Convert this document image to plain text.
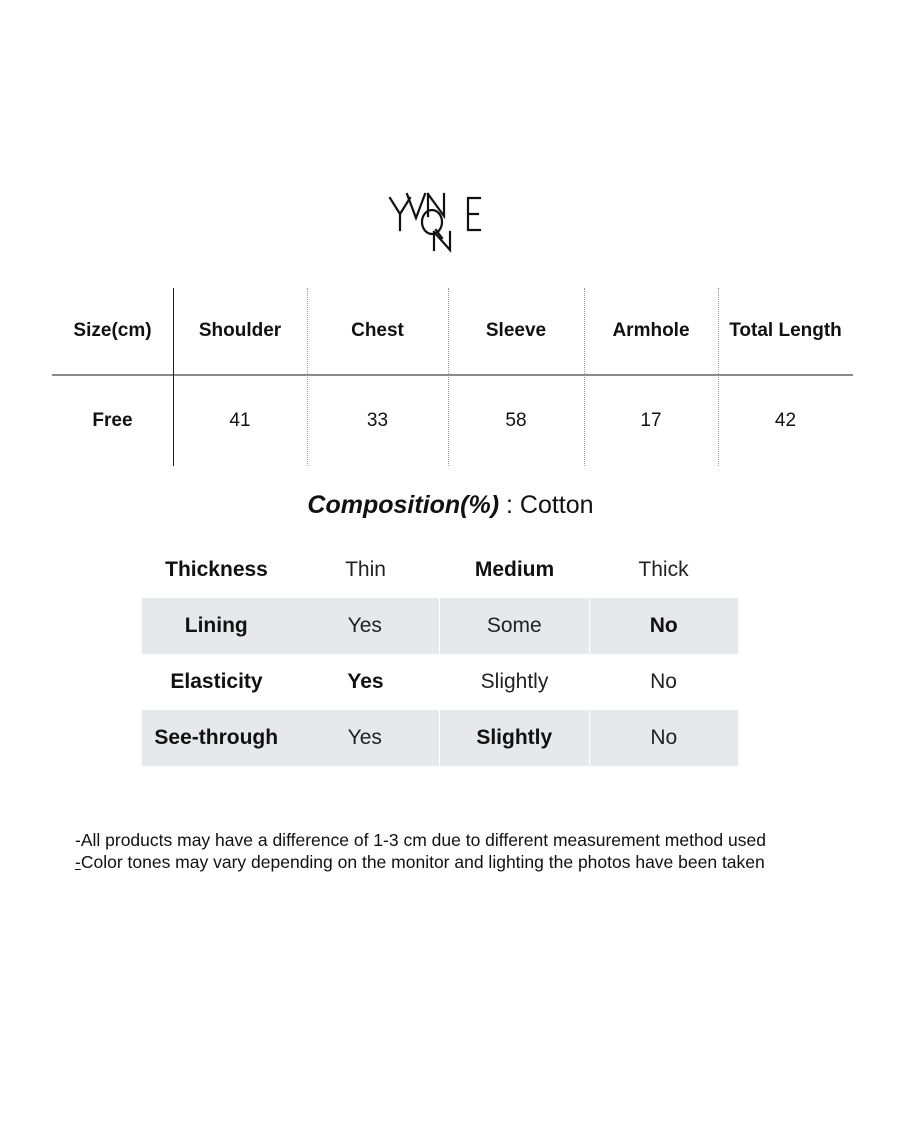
Size(cm)	Shoulder	Chest	Sleeve	Armhole	Total Length
Free	41	33	58	17	42
Composition(%) : Cotton
Thickness	Thin	Medium	Thick
Lining	Yes	Some	No
Elasticity	Yes	Slightly	No
See-through	Yes	Slightly	No
-All products may have a difference of 1-3 cm due to different measurement method used
-Color tones may vary depending on the monitor and lighting the photos have been taken
